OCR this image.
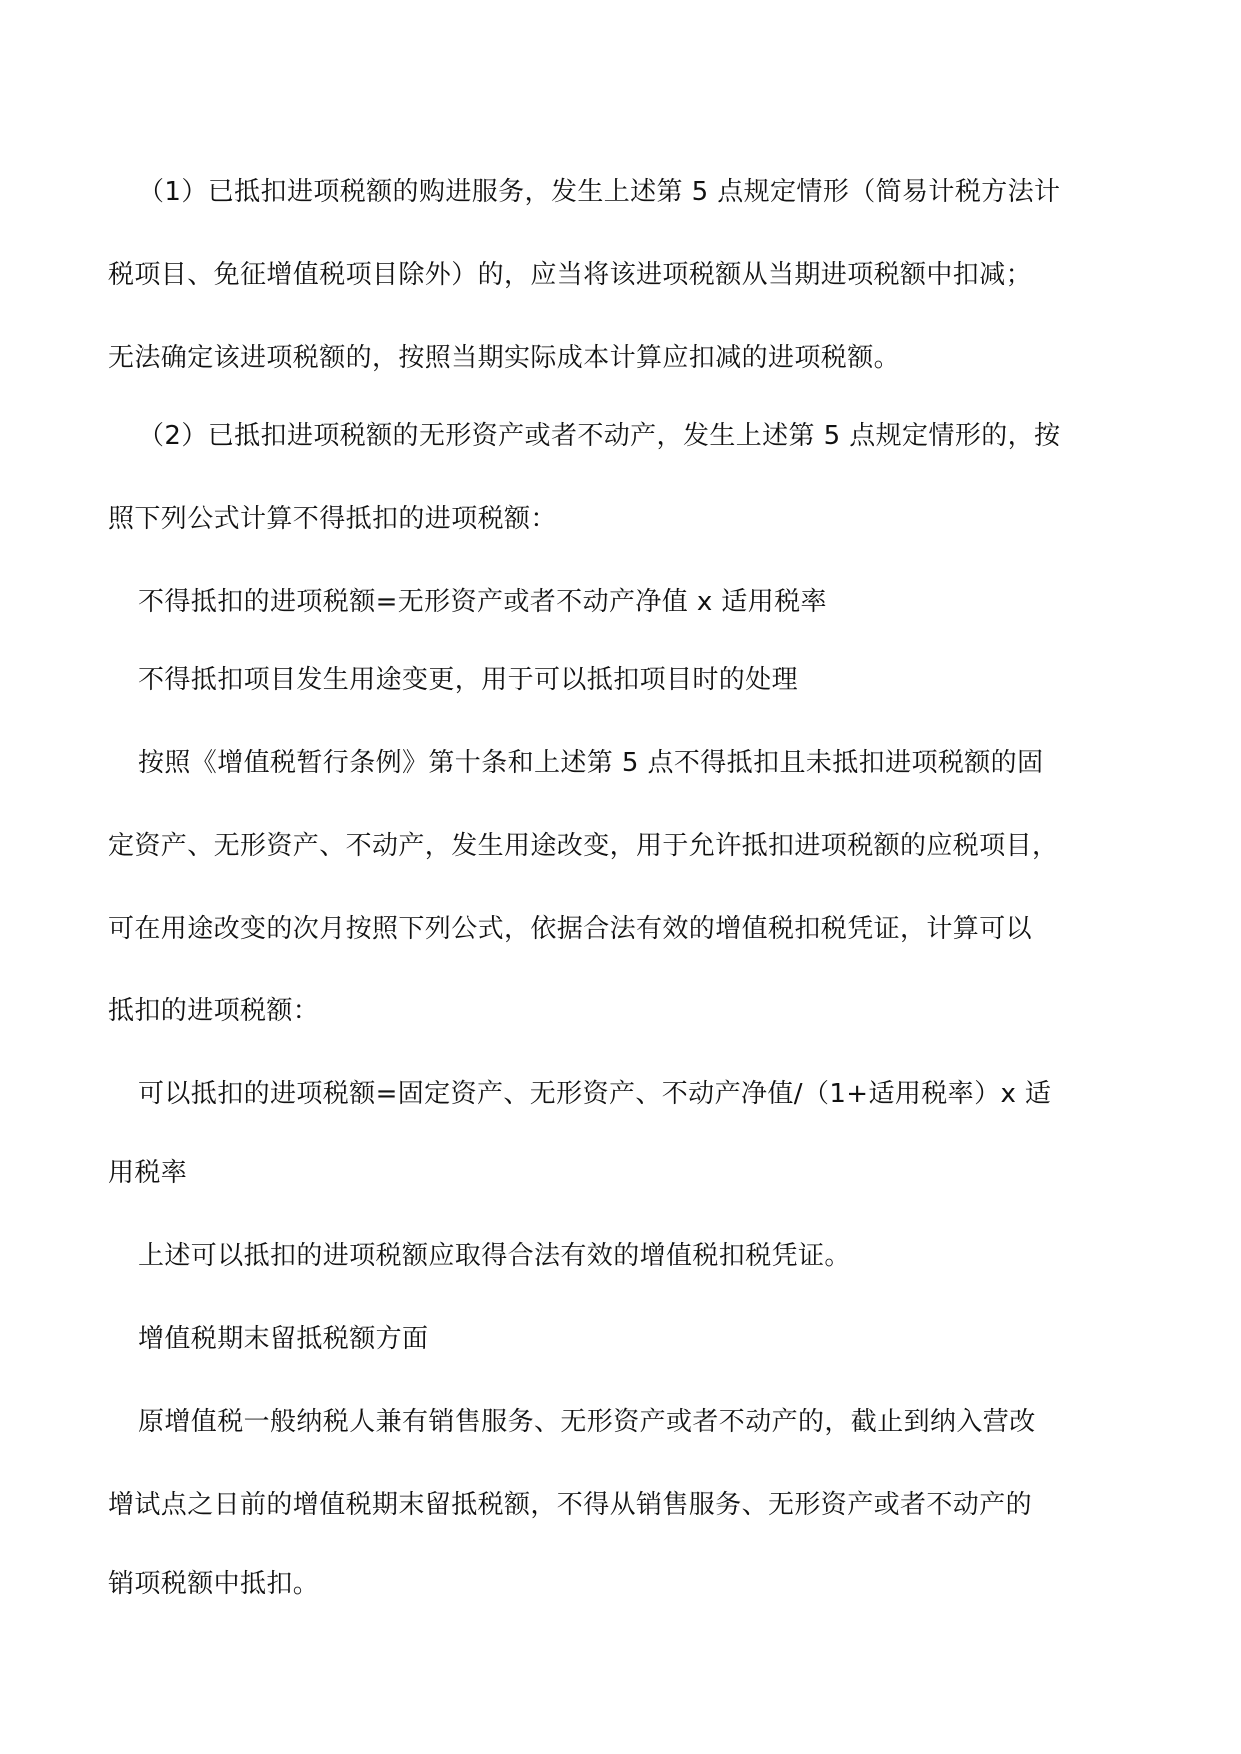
（1）已抵扣进项税额的购进服务，发生上述第 5 点规定情形（简易计税方法计
税项目、免征增值税项目除外）的，应当将该进项税额从当期进项税额中扣减；
无法确定该进项税额的，按照当期实际成本计算应扣减的进项税额。
（2）已抵扣进项税额的无形资产或者不动产，发生上述第 5 点规定情形的，按
照下列公式计算不得抵扣的进项税额：
不得抵扣的进项税额=无形资产或者不动产净值 x 适用税率
不得抵扣项目发生用途变更，用于可以抵扣项目时的处理
按照《增值税暂行条例》第十条和上述第 5 点不得抵扣且未抵扣进项税额的固
定资产、无形资产、不动产，发生用途改变，用于允许抵扣进项税额的应税项目，
可在用途改变的次月按照下列公式，依据合法有效的增值税扣税凭证，计算可以
抵扣的进项税额：
可以抵扣的进项税额=固定资产、无形资产、不动产净值/（1+适用税率）x 适
用税率
上述可以抵扣的进项税额应取得合法有效的增值税扣税凭证。
增值税期末留抵税额方面
原增值税一般纳税人兼有销售服务、无形资产或者不动产的，截止到纳入营改
增试点之日前的增值税期末留抵税额，不得从销售服务、无形资产或者不动产的
销项税额中抵扣。
